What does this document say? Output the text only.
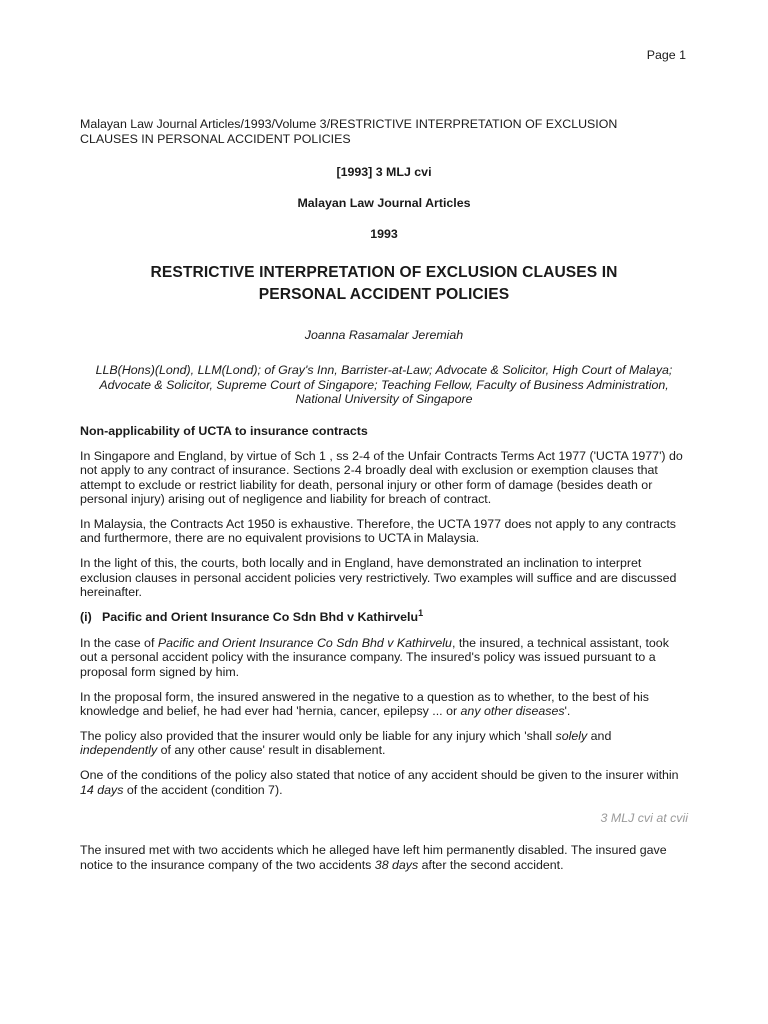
Page 1
Malayan Law Journal Articles/1993/Volume 3/RESTRICTIVE INTERPRETATION OF EXCLUSION
CLAUSES IN PERSONAL ACCIDENT POLICIES
[1993] 3 MLJ cvi
Malayan Law Journal Articles
1993
RESTRICTIVE INTERPRETATION OF EXCLUSION CLAUSES IN
PERSONAL ACCIDENT POLICIES
Joanna Rasamalar Jeremiah
LLB(Hons)(Lond), LLM(Lond); of Gray's Inn, Barrister-at-Law; Advocate & Solicitor, High Court of Malaya;
Advocate & Solicitor, Supreme Court of Singapore; Teaching Fellow, Faculty of Business Administration,
National University of Singapore
Non-applicability of UCTA to insurance contracts

In Singapore and England, by virtue of Sch 1 , ss 2-4 of the Unfair Contracts Terms Act 1977 ('UCTA 1977') do not apply to any contract of insurance. Sections 2-4 broadly deal with exclusion or exemption clauses that attempt to exclude or restrict liability for death, personal injury or other form of damage (besides death or personal injury) arising out of negligence and liability for breach of contract.

In Malaysia, the Contracts Act 1950 is exhaustive. Therefore, the UCTA 1977 does not apply to any contracts and furthermore, there are no equivalent provisions to UCTA in Malaysia.

In the light of this, the courts, both locally and in England, have demonstrated an inclination to interpret exclusion clauses in personal accident policies very restrictively. Two examples will suffice and are discussed hereinafter.

(i)   Pacific and Orient Insurance Co Sdn Bhd v Kathirvelu$^1$

In the case of Pacific and Orient Insurance Co Sdn Bhd v Kathirvelu, the insured, a technical assistant, took out a personal accident policy with the insurance company. The insured's policy was issued pursuant to a proposal form signed by him.

In the proposal form, the insured answered in the negative to a question as to whether, to the best of his knowledge and belief, he had ever had 'hernia, cancer, epilepsy ... or any other diseases'.

The policy also provided that the insurer would only be liable for any injury which 'shall solely and independently of any other cause' result in disablement.

One of the conditions of the policy also stated that notice of any accident should be given to the insurer within 14 days of the accident (condition 7).

3 MLJ cvi at cvii

The insured met with two accidents which he alleged have left him permanently disabled. The insured gave notice to the insurance company of the two accidents 38 days after the second accident.
